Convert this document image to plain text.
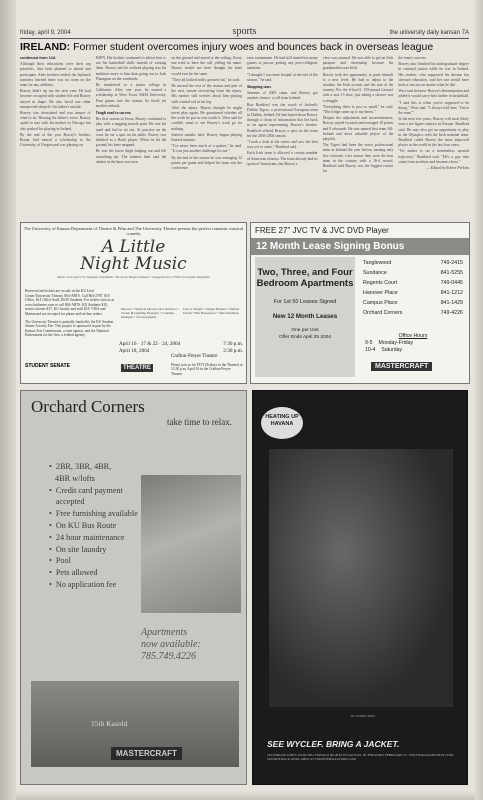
friday, april 9, 2004	sports	the university daily kansan 7A
IRELAND: Former student overcomes injury woes and bounces back in overseas league

continued from 12A

Although their educations were their top priorities, they both planned to attend and participate. After brothers ended, the Jayhawk transfers learned there was no room on the team for any addition.

Bracey didn't tip out the next year. He had become occupied with student life and Bracey stayed in shape. He also faced one other unexpected obstacle: his father's suicide.

Bracey was devastated and was unsure of what to do. Hearing his father's voice, Bracey opted to stay with his mother in Chicago but also pushed for playing in Ireland.

By the end of the year Bracey's brother, Bryan, had earned a scholarship to the University of Oregon and was playing on

ESPN. His brother continued to advise him to use his basketball skills instead of wasting them. Bracey said he realized playing was his ambition more to him than going out to Jack Flanagans on the weekends.

He transferred to a junior college in California. After one year, he earned a scholarship at West Texas A&M University. Four games into the season, he faced yet another setback.

Tough road to success

His first season in Texas, Bracey continued to play with a nagging muscle pain. He tore his quad and had to sit out. At practice on the court he cut a spot on his ankle. Bracey was finished as a Buffs player. When he hit the ground, his knee snapped.

He saw his lower thigh bulging out and felt something rip. The trainers later said the tendon in the knee was torn.

on the ground and stared at the ceiling. Every one tried to have the call, yelling his name. Bracey would not have thought his knee would ever be the same.

"They all looked really grossed out," he said.

He missed the rest of the season and part of the next season recovering from the injury. His mother still worries about him playing with a metal rod in his leg.

After the injury, Bracey thought he might never play again. He questioned whether all the work he put in was worth it. West said he couldn't stand to see Bracey's work go for nothing.

Sixteen months later, Bracey began playing limited minutes.

"I've never been much of a quitter," he said. "It was just another challenge for me."

By the end of the season he was averaging 12 points per game and helped his team win the conference

ence tournament. He had still sinned too many games to pursue getting any post-collegiate attention.

"I thought I was done hoopin' at the end of the season," he said.

Shopping stars

Summer of 2003 came, and Bracey got another chance: a call from Ireland.

Ron Bradford was the coach of Ireland's Dublin Tigers, a professional European team in Dublin, Ireland. He had heard about Bracey through a chain of information that led back to an agent representing Bracey's brother. Bradford offered Bracey a spot on the team for the 2003-2004 season.

"I took a look at his career and saw the best way yet to come," Bradford said.

Each Irish team is allowed a certain number of American citizens. The team already had its quota of Americans, but Bracey's

view was unusual. He was able to get an Irish passport and citizenship because his grandmother was Irish.

Bracey took the opportunity to push himself to a new level. He had to adjust to the weather, the Irish accents and the size of the country. For the 6-foot-5, 195-pound forward with a size 13 shoe, just taking a shower was a struggle.

"Everything there is just so small," he said. "The fridge came up to my knees."

Despite the adjustment and inconveniences, Bracey stayed focused and averaged 18 points and 8 rebounds. He was named first team All-Ireland and most valuable player of the playoffs.

The Tigers had been the worst professional team in Ireland the year before, earning only five victories. Last season they were the best team in the country with a 16-4 record. Bradford said Bracey was the biggest reason for

the team's success.

Bracey also finished his undergraduate degree in criminal justice while he was in Ireland. His mother, who supported his dreams but stressed education, said her son would have been a success no matter what he did.

West said he knew Bracey's determination and added it would carry him further in basketball.

"I said this is when you're supposed to be doing," West said. "I always told him, 'You're the man.'"

In the next few years, Bracey will most likely earn a six-figure contract in Europe, Bradford said. He may also get an opportunity to play in the Olympics with the Irish national team. Bradford called Bracey the most improved player in the world in the last four years.

"No matter is on a tremendous upward trajectory," Bradford said. "He's a guy who came from nowhere and became a hero."

— Edited by Robert Perkins

The University of Kansas Department of Theatre & Film and The University Theatre present the perfect romantic musical comedy
A Little
Night Music
Music and Lyrics by Stephen Sondheim • Book by Hugh Wheeler • Suggested by a Film by Ingmar Bergman
Reserved and tickets are on sale in the KU Lied Center/University Theatre, 864-ARTS. Call 864-2787. $16 Office, $14 Office Staff, $9.50 Students. For tickets visit us at www.kutheatre.com or call 864-ARTS. KU Students $10, senior citizens $17, KU faculty and staff $18. VISA and Mastercard are accepted for phone and on-line orders.
The University Theatre is partially funded by the KU Student Senate Activity Fee. This project is sponsored in part by the Kansas Arts Commission, a state agency, and the National Endowment for the Arts, a federal agency.
Director • Musical Director & Conductor • Scenic & Lighting Designer • Costume Designer • Choreographer
Jack S. Wright • Ginger Hendee • Delbert Unruh • Bob Hassenson • John Staniunas
April 16 · 17 & 22 · 24, 2004	7:30 p.m.
April 18, 2004	2:30 p.m.
Crafton-Preyer Theatre
Please join us for FITT (Fridays in the Theatre) at 12:30 p.m. April 16 in the Crafton-Preyer Theatre.
STUDENT SENATE	THEATRE
FREE 27" JVC TV & JVC DVD Player
12 Month Lease Signing Bonus
Two, Three, and Four Bedroom Apartments
For 1st 50 Leases Signed
New 12 Month Leases
One per Unit
Offer Ends April 25 2004
Tanglewood	749-2415
Sundance	841-5255
Regents Court	749-0445
Hanover Place	841-1212
Campus Place	841-1429
Orchard Corners	749-4226
Office Hours
9-5 Monday-Friday
10-4 Saturday
MASTERCRAFT
Orchard Corners
take time to relax.
• 2BR, 3BR, 4BR,

4BR w/lofts
• Credit card payment accepted
• Free furnishing available
• On KU Bus Route
• 24 hour maintenance
• On site laundry
• Pool
• Pets allowed
• No application fee
Apartments
now available:
785.749.4226
15th Kasold
MASTERCRAFT
HEATING UP HAVANA
IN STORES NOW
SEE WYCLEF. BRING A JACKET.
CELEBRATE DIRTY DANCING: HAVANA NIGHTS IN KANSAS. IN THEATRES FEBRUARY 27. VISIT HAVANANIGHTS.COM. SOUNDTRACK AVAILABLE AT VIRGINMEGASTORE.COM
